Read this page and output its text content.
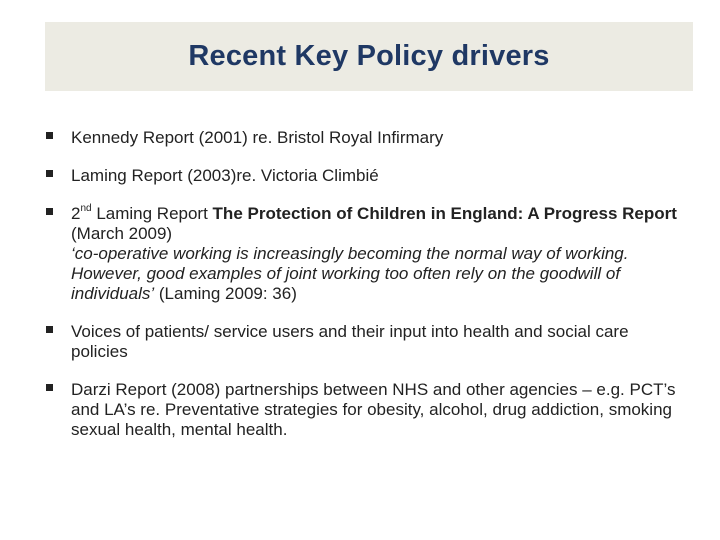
Recent Key Policy drivers
Kennedy Report (2001) re. Bristol Royal Infirmary
Laming Report (2003)re. Victoria Climbié
2nd Laming Report The Protection of Children in England: A Progress Report (March 2009)
‘co-operative working is increasingly becoming the normal way of working. However, good examples of joint working too often rely on the goodwill of individuals’ (Laming 2009: 36)
Voices of patients/ service users and their input into health and social care policies
Darzi Report (2008) partnerships between NHS and other agencies – e.g. PCT’s and LA’s re. Preventative strategies for obesity, alcohol, drug addiction, smoking sexual health, mental health.
